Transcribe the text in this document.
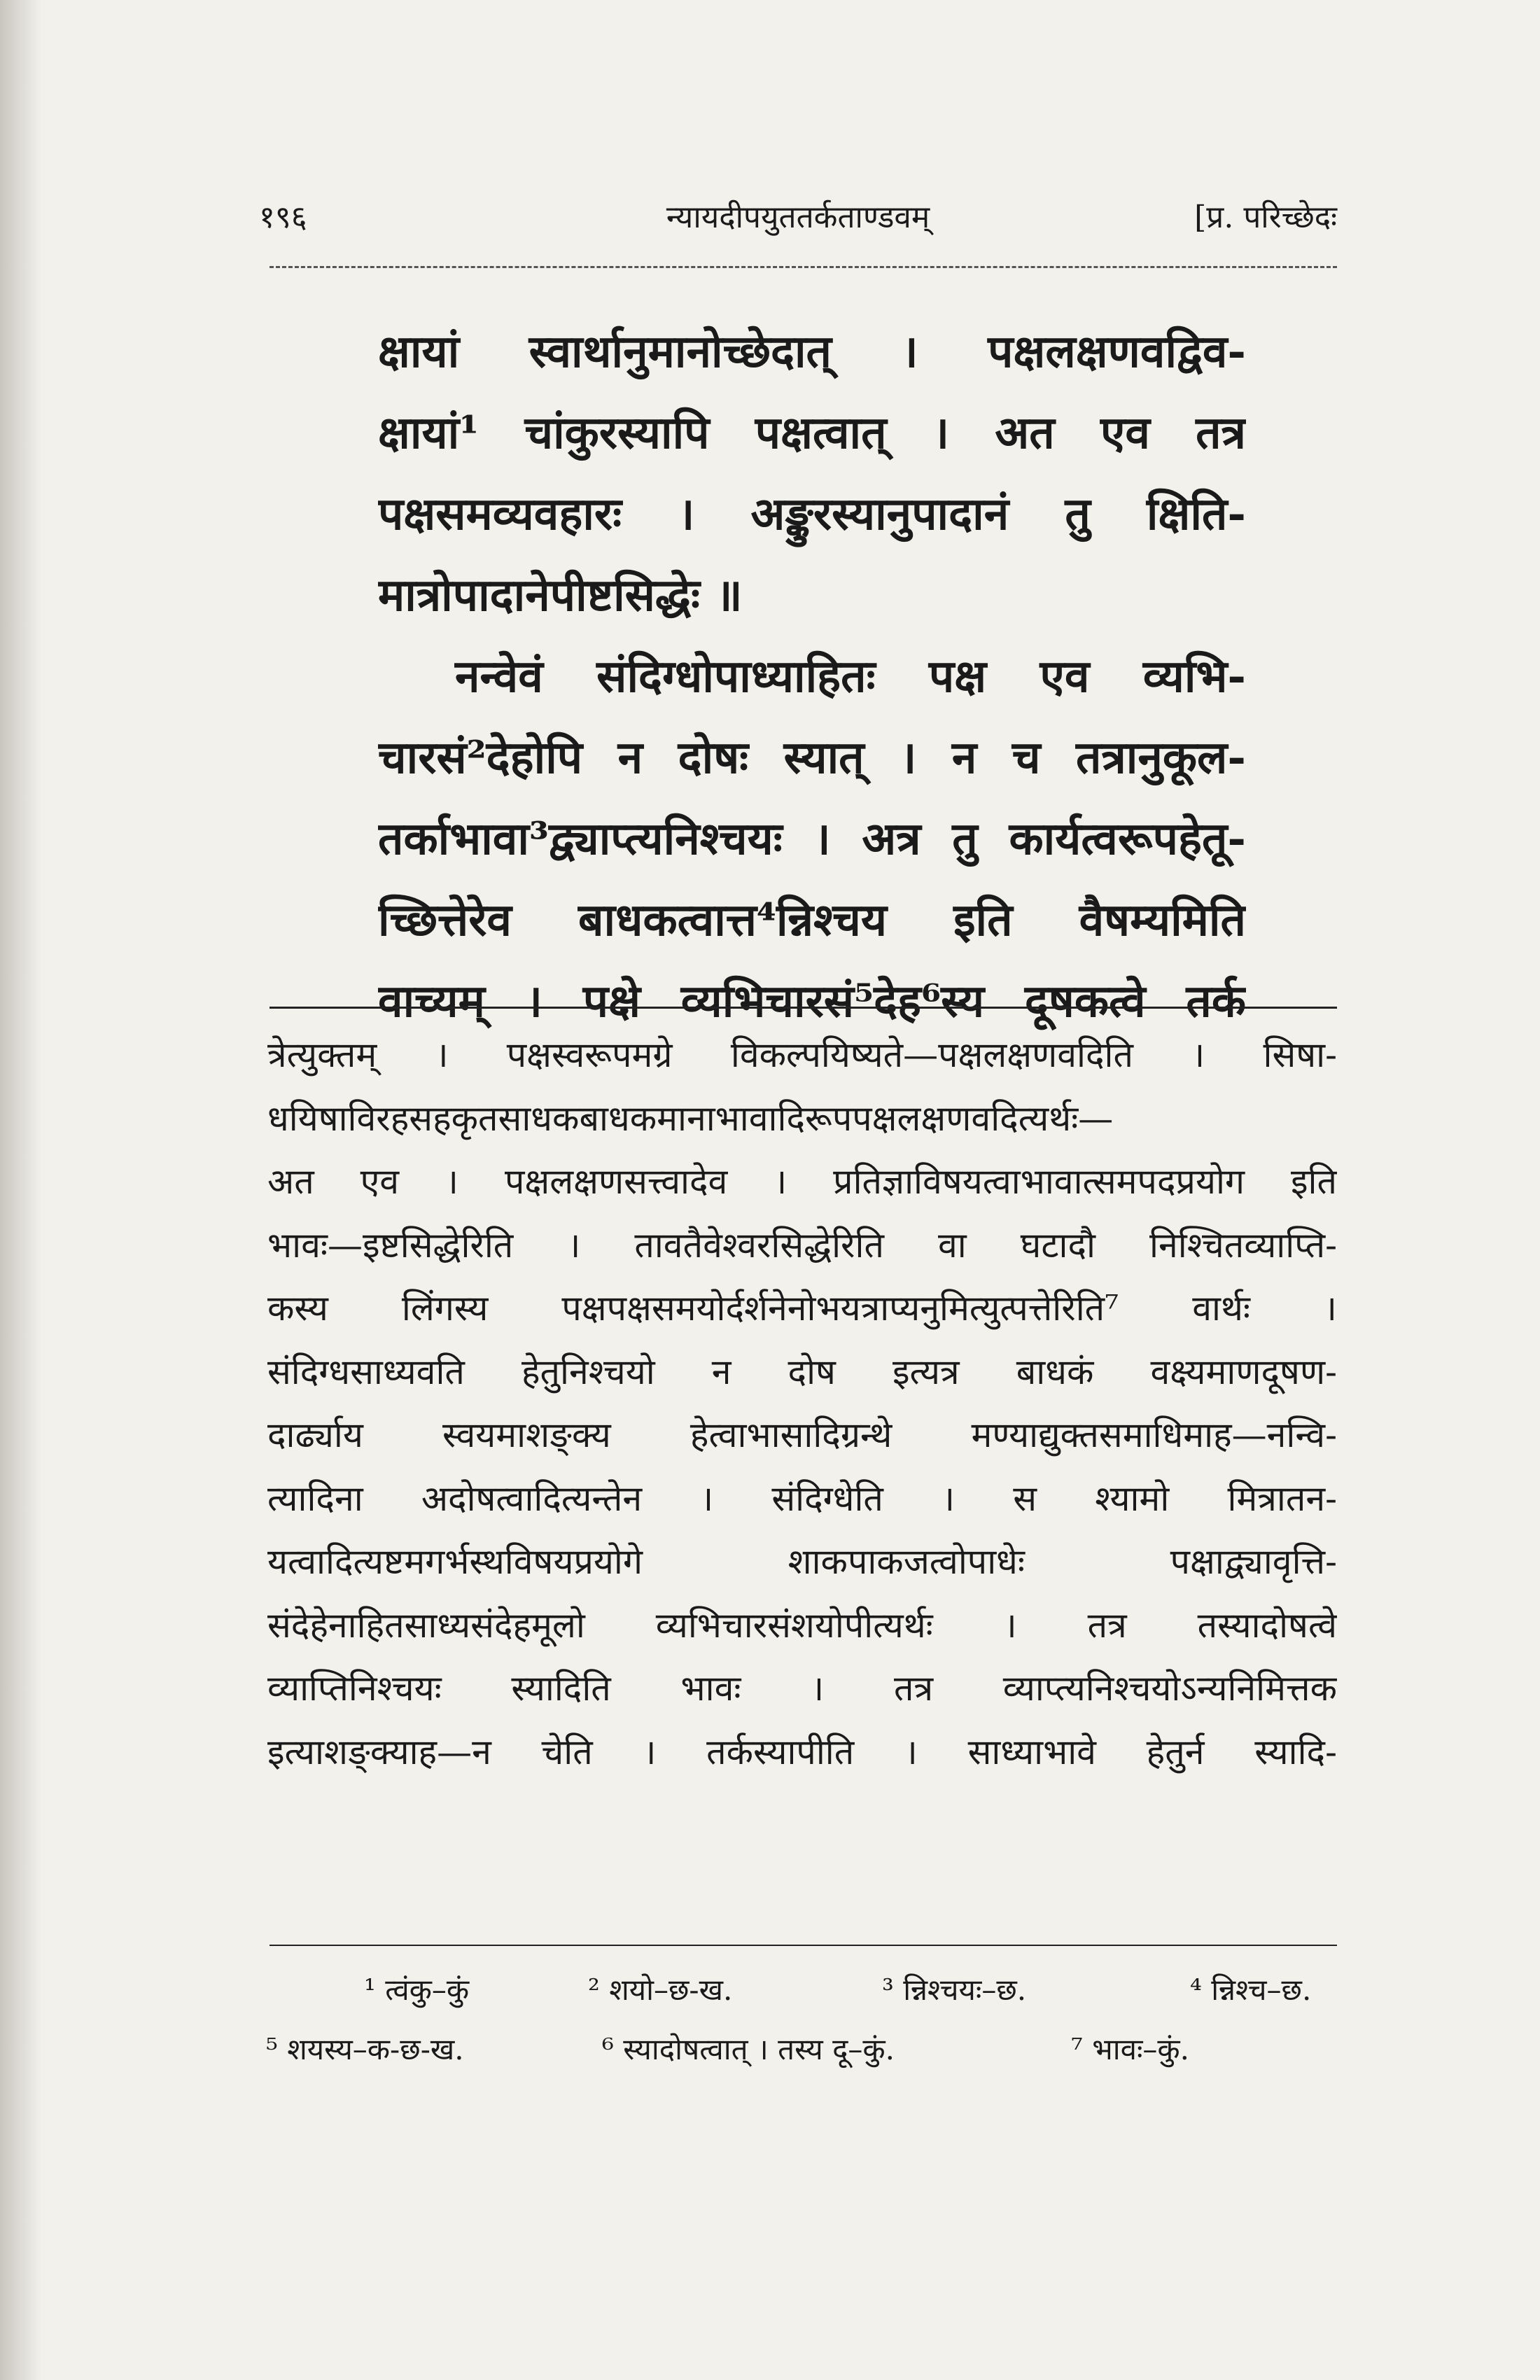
१९६	न्यायदीपयुततर्कताण्डवम्	[प्र. परिच्छेदः
क्षायां स्वार्थानुमानोच्छेदात् । पक्षलक्षणवद्विव-
क्षायां¹ चांकुरस्यापि पक्षत्वात् । अत एव तत्र
पक्षसमव्यवहारः । अङ्कुरस्यानुपादानं तु क्षिति-
मात्रोपादानेपीष्टसिद्धेः ॥
नन्वेवं संदिग्धोपाध्याहितः पक्ष एव व्यभि-
चारसं²देहोपि न दोषः स्यात् । न च तत्रानुकूल-
तर्काभावा³द्व्याप्त्यनिश्चयः । अत्र तु कार्यत्वरूपहेतू-
च्छित्तेरेव बाधकत्वात्त⁴न्निश्चय इति वैषम्यमिति
वाच्यम् । पक्षे व्यभिचारसं⁵देह⁶स्य दूषकत्वे तर्क
त्रेत्युक्तम् । पक्षस्वरूपमग्रे विकल्पयिष्यते—पक्षलक्षणवदिति । सिषा-
धयिषाविरहसहकृतसाधकबाधकमानाभावादिरूपपक्षलक्षणवदित्यर्थः—
अत एव । पक्षलक्षणसत्त्वादेव । प्रतिज्ञाविषयत्वाभावात्समपदप्रयोग इति
भावः—इष्टसिद्धेरिति । तावतैवेश्वरसिद्धेरिति वा घटादौ निश्चितव्याप्ति-
कस्य लिंगस्य पक्षपक्षसमयोर्दर्शनेनोभयत्राप्यनुमित्युत्पत्तेरिति⁷ वार्थः ।
संदिग्धसाध्यवति हेतुनिश्चयो न दोष इत्यत्र बाधकं वक्ष्यमाणदूषण-
दार्ढ्याय स्वयमाशङ्क्य हेत्वाभासादिग्रन्थे मण्याद्युक्तसमाधिमाह—नन्वि-
त्यादिना अदोषत्वादित्यन्तेन । संदिग्धेति । स श्यामो मित्रातन-
यत्वादित्यष्टमगर्भस्थविषयप्रयोगे शाकपाकजत्वोपाधेः पक्षाद्व्यावृत्ति-
संदेहेनाहितसाध्यसंदेहमूलो व्यभिचारसंशयोपीत्यर्थः । तत्र तस्यादोषत्वे
व्याप्तिनिश्चयः स्यादिति भावः । तत्र व्याप्त्यनिश्चयोऽन्यनिमित्तक
इत्याशङ्क्याह—न चेति । तर्कस्यापीति । साध्याभावे हेतुर्न स्यादि-
¹ त्वंकु–कुं	² शयो–छ-ख.	³ न्निश्चयः–छ.	⁴ न्निश्च–छ.
⁵ शयस्य–क-छ-ख.	⁶ स्यादोषत्वात् । तस्य दू–कुं.	⁷ भावः–कुं.
